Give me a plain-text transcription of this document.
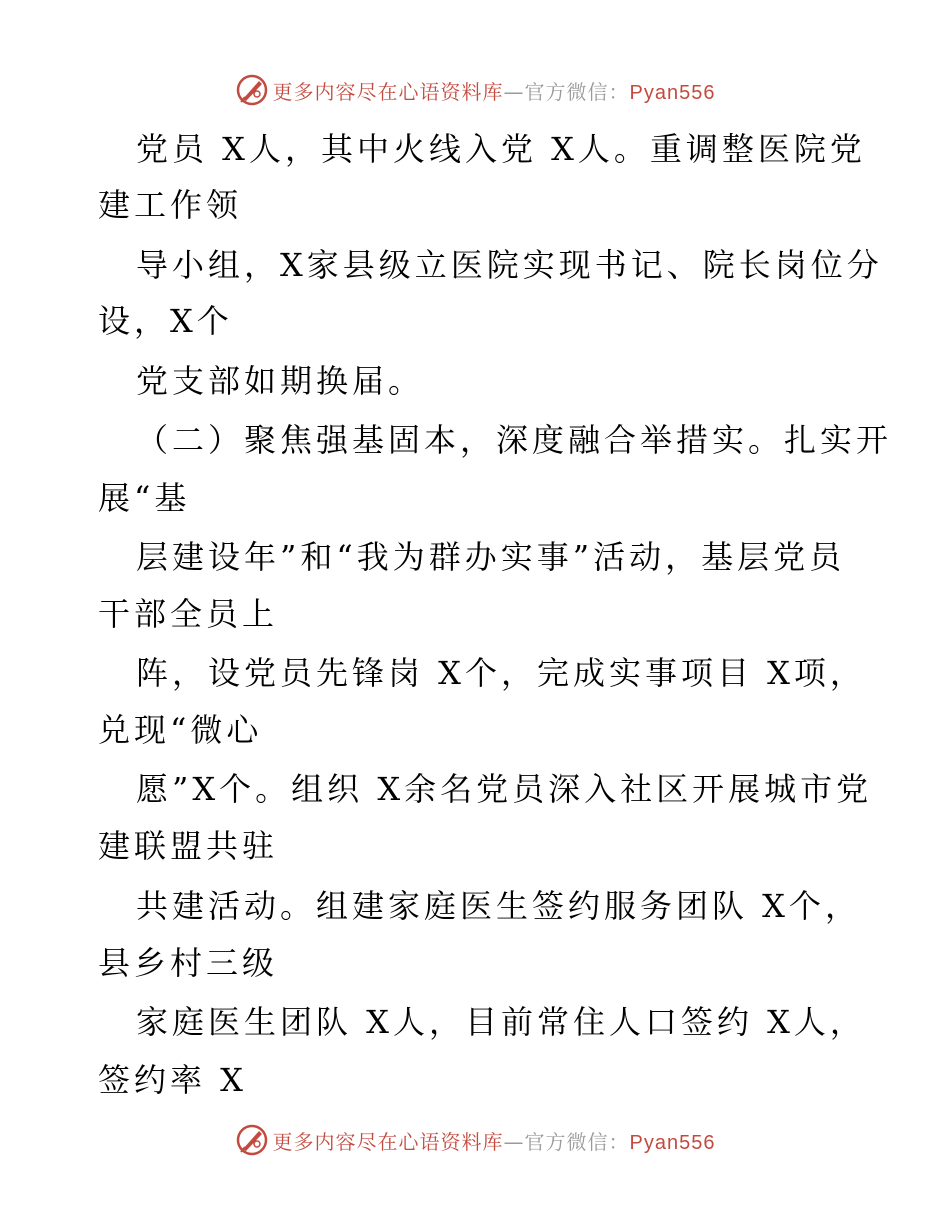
更多内容尽在心语资料库—官方微信：Pyan556
党员 X人，其中火线入党 X人。重调整医院党
建工作领
导小组，X家县级立医院实现书记、院长岗位分
设，X个
党支部如期换届。
（二）聚焦强基固本，深度融合举措实。扎实开
展“基
层建设年”和“我为群办实事”活动，基层党员
干部全员上
阵，设党员先锋岗 X个，完成实事项目 X项，
兑现“微心
愿”X个。组织 X余名党员深入社区开展城市党
建联盟共驻
共建活动。组建家庭医生签约服务团队 X个，
县乡村三级
家庭医生团队 X人，目前常住人口签约 X人，
签约率 X
更多内容尽在心语资料库—官方微信：Pyan556
